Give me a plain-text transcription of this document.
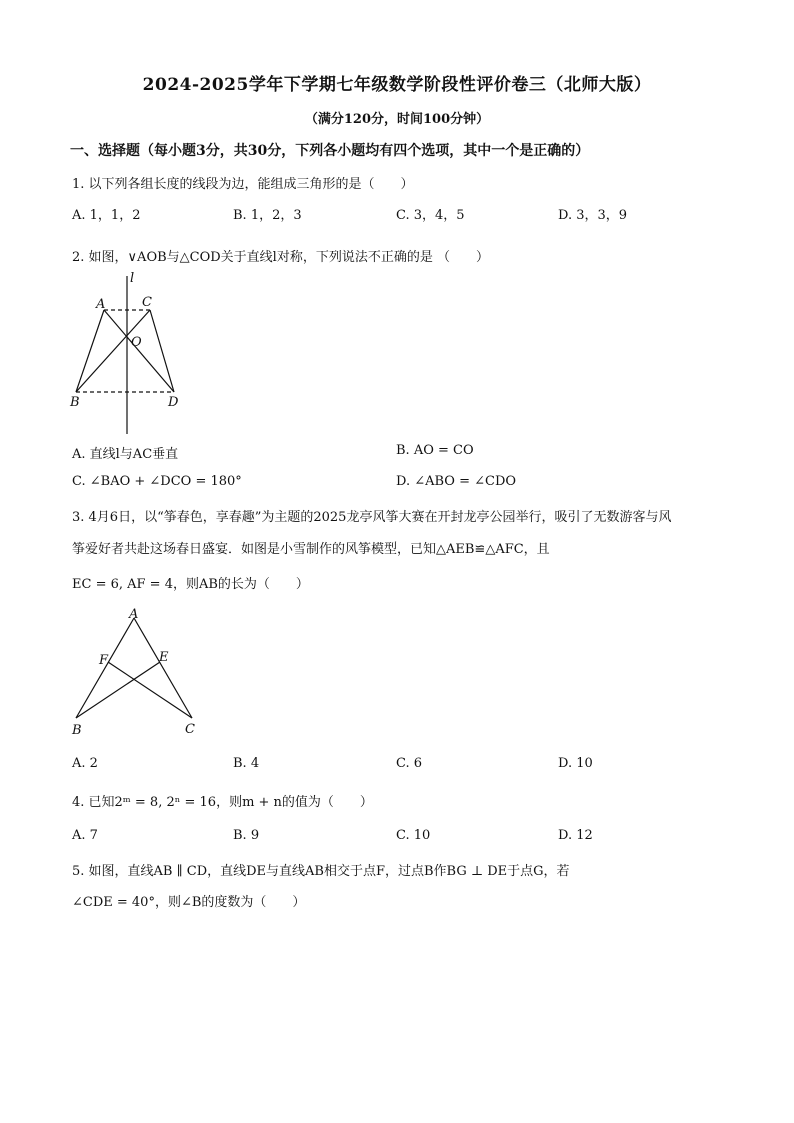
2024-2025学年下学期七年级数学阶段性评价卷三（北师大版）
（满分120分，时间100分钟）
一、选择题（每小题3分，共30分，下列各小题均有四个选项，其中一个是正确的）
1. 以下列各组长度的线段为边，能组成三角形的是（　　）
A. 1，1，2	B. 1，2，3	C. 3，4，5	D. 3，3，9
2. 如图，∨AOB与△COD关于直线l对称，下列说法不正确的是 （　　）
l
A	C
O
B	D
A. 直线l与AC垂直	B. AO = CO
C. ∠BAO + ∠DCO = 180°	D. ∠ABO = ∠CDO
3. 4月6日，以“筝春色，享春趣”为主题的2025龙亭风筝大赛在开封龙亭公园举行，吸引了无数游客与风
筝爱好者共赴这场春日盛宴．如图是小雪制作的风筝模型，已知△AEB≌△AFC，且
EC = 6, AF = 4，则AB的长为（　　）
A
F	E
B	C
A. 2	B. 4	C. 6	D. 10
4. 已知2ᵐ = 8, 2ⁿ = 16，则m + n的值为（　　）
A. 7	B. 9	C. 10	D. 12
5. 如图，直线AB ∥ CD，直线DE与直线AB相交于点F，过点B作BG ⊥ DE于点G，若
∠CDE = 40°，则∠B的度数为（　　）
